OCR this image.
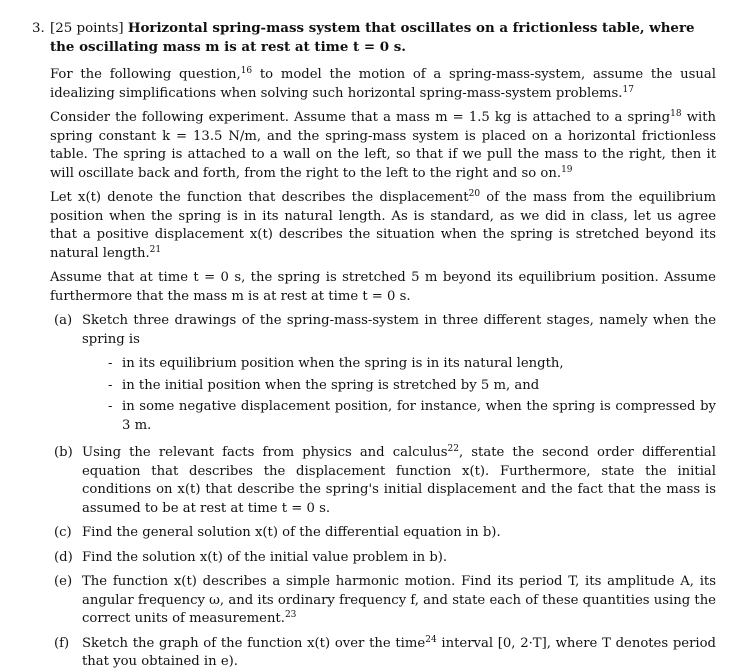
3. [25 points] Horizontal spring-mass system that oscillates on a frictionless table, where the oscillating mass m is at rest at time t = 0 s.

For the following question,$^{16}$ to model the motion of a spring-mass-system, assume the usual idealizing simplifications when solving such horizontal spring-mass-system problems.$^{17}$

Consider the following experiment. Assume that a mass m = 1.5 kg is attached to a spring$^{18}$ with spring constant k = 13.5 N/m, and the spring-mass system is placed on a horizontal frictionless table. The spring is attached to a wall on the left, so that if we pull the mass to the right, then it will oscillate back and forth, from the right to the left to the right and so on.$^{19}$

Let x(t) denote the function that describes the displacement$^{20}$ of the mass from the equilibrium position when the spring is in its natural length. As is standard, as we did in class, let us agree that a positive displacement x(t) describes the situation when the spring is stretched beyond its natural length.$^{21}$

Assume that at time t = 0 s, the spring is stretched 5 m beyond its equilibrium position. Assume furthermore that the mass m is at rest at time t = 0 s.

(a) Sketch three drawings of the spring-mass-system in three different stages, namely when the spring is
- in its equilibrium position when the spring is in its natural length,
- in the initial position when the spring is stretched by 5 m, and
- in some negative displacement position, for instance, when the spring is compressed by 3 m.
(b) Using the relevant facts from physics and calculus$^{22}$, state the second order differential equation that describes the displacement function x(t). Furthermore, state the initial conditions on x(t) that describe the spring's initial displacement and the fact that the mass is assumed to be at rest at time t = 0 s.
(c) Find the general solution x(t) of the differential equation in b).
(d) Find the solution x(t) of the initial value problem in b).
(e) The function x(t) describes a simple harmonic motion. Find its period T, its amplitude A, its angular frequency ω, and its ordinary frequency f, and state each of these quantities using the correct units of measurement.$^{23}$
(f) Sketch the graph of the function x(t) over the time$^{24}$ interval [0, 2·T], where T denotes period that you obtained in e).
